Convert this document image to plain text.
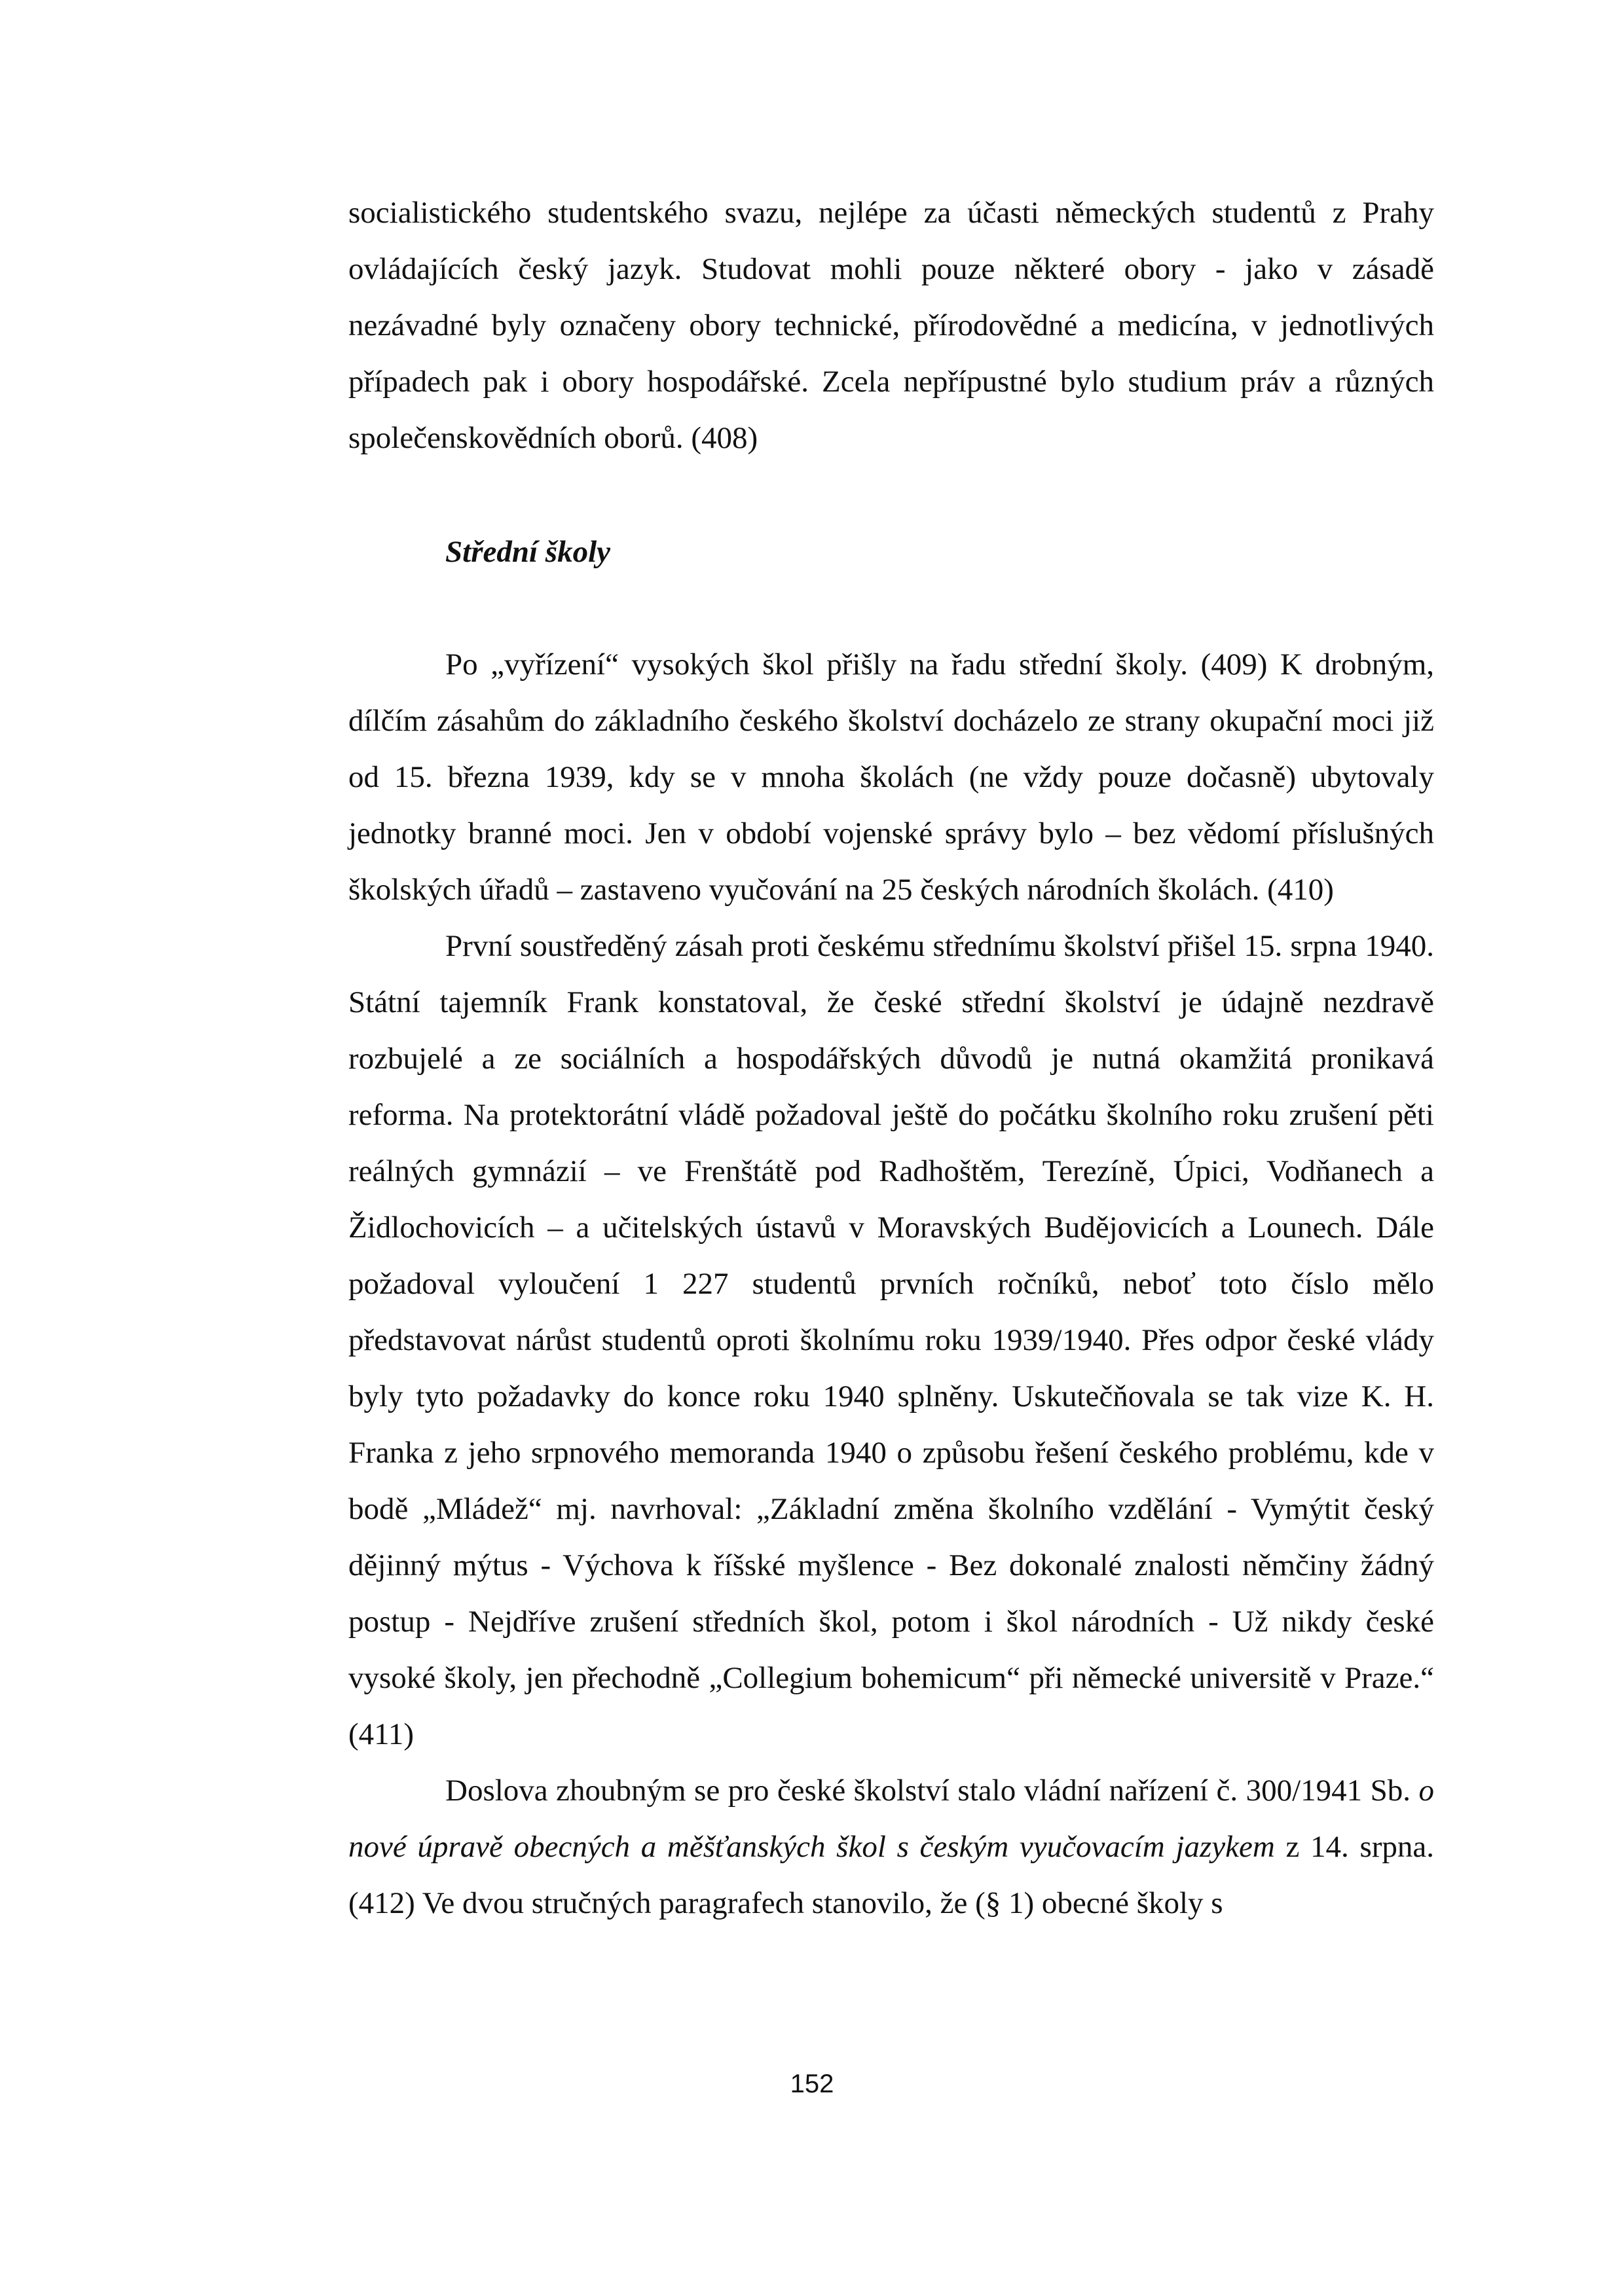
socialistického studentského svazu, nejlépe za účasti německých studentů z Prahy ovládajících český jazyk. Studovat mohli pouze některé obory - jako v zásadě nezávadné byly označeny obory technické, přírodovědné a medicína, v jednotlivých případech pak i obory hospodářské. Zcela nepřípustné bylo studium práv a různých společenskovědních oborů. (408)

Střední školy

Po „vyřízení“ vysokých škol přišly na řadu střední školy. (409) K drobným, dílčím zásahům do základního českého školství docházelo ze strany okupační moci již od 15. března 1939, kdy se v mnoha školách (ne vždy pouze dočasně) ubytovaly jednotky branné moci. Jen v období vojenské správy bylo – bez vědomí příslušných školských úřadů – zastaveno vyučování na 25 českých národních školách. (410)

První soustředěný zásah proti českému střednímu školství přišel 15. srpna 1940. Státní tajemník Frank konstatoval, že české střední školství je údajně nezdravě rozbujelé a ze sociálních a hospodářských důvodů je nutná okamžitá pronikavá reforma. Na protektorátní vládě požadoval ještě do počátku školního roku zrušení pěti reálných gymnázií – ve Frenštátě pod Radhoštěm, Terezíně, Úpici, Vodňanech a Židlochovicích – a učitelských ústavů v Moravských Budějovicích a Lounech. Dále požadoval vyloučení 1 227 studentů prvních ročníků, neboť toto číslo mělo představovat nárůst studentů oproti školnímu roku 1939/1940. Přes odpor české vlády byly tyto požadavky do konce roku 1940 splněny. Uskutečňovala se tak vize K. H. Franka z jeho srpnového memoranda 1940 o způsobu řešení českého problému, kde v bodě „Mládež“ mj. navrhoval: „Základní změna školního vzdělání - Vymýtit český dějinný mýtus - Výchova k říšské myšlence - Bez dokonalé znalosti němčiny žádný postup - Nejdříve zrušení středních škol, potom i škol národních - Už nikdy české vysoké školy, jen přechodně „Collegium bohemicum“ při německé universitě v Praze.“ (411)

Doslova zhoubným se pro české školství stalo vládní nařízení č. 300/1941 Sb. o nové úpravě obecných a měšťanských škol s českým vyučovacím jazykem z 14. srpna. (412) Ve dvou stručných paragrafech stanovilo, že (§ 1) obecné školy s

152
